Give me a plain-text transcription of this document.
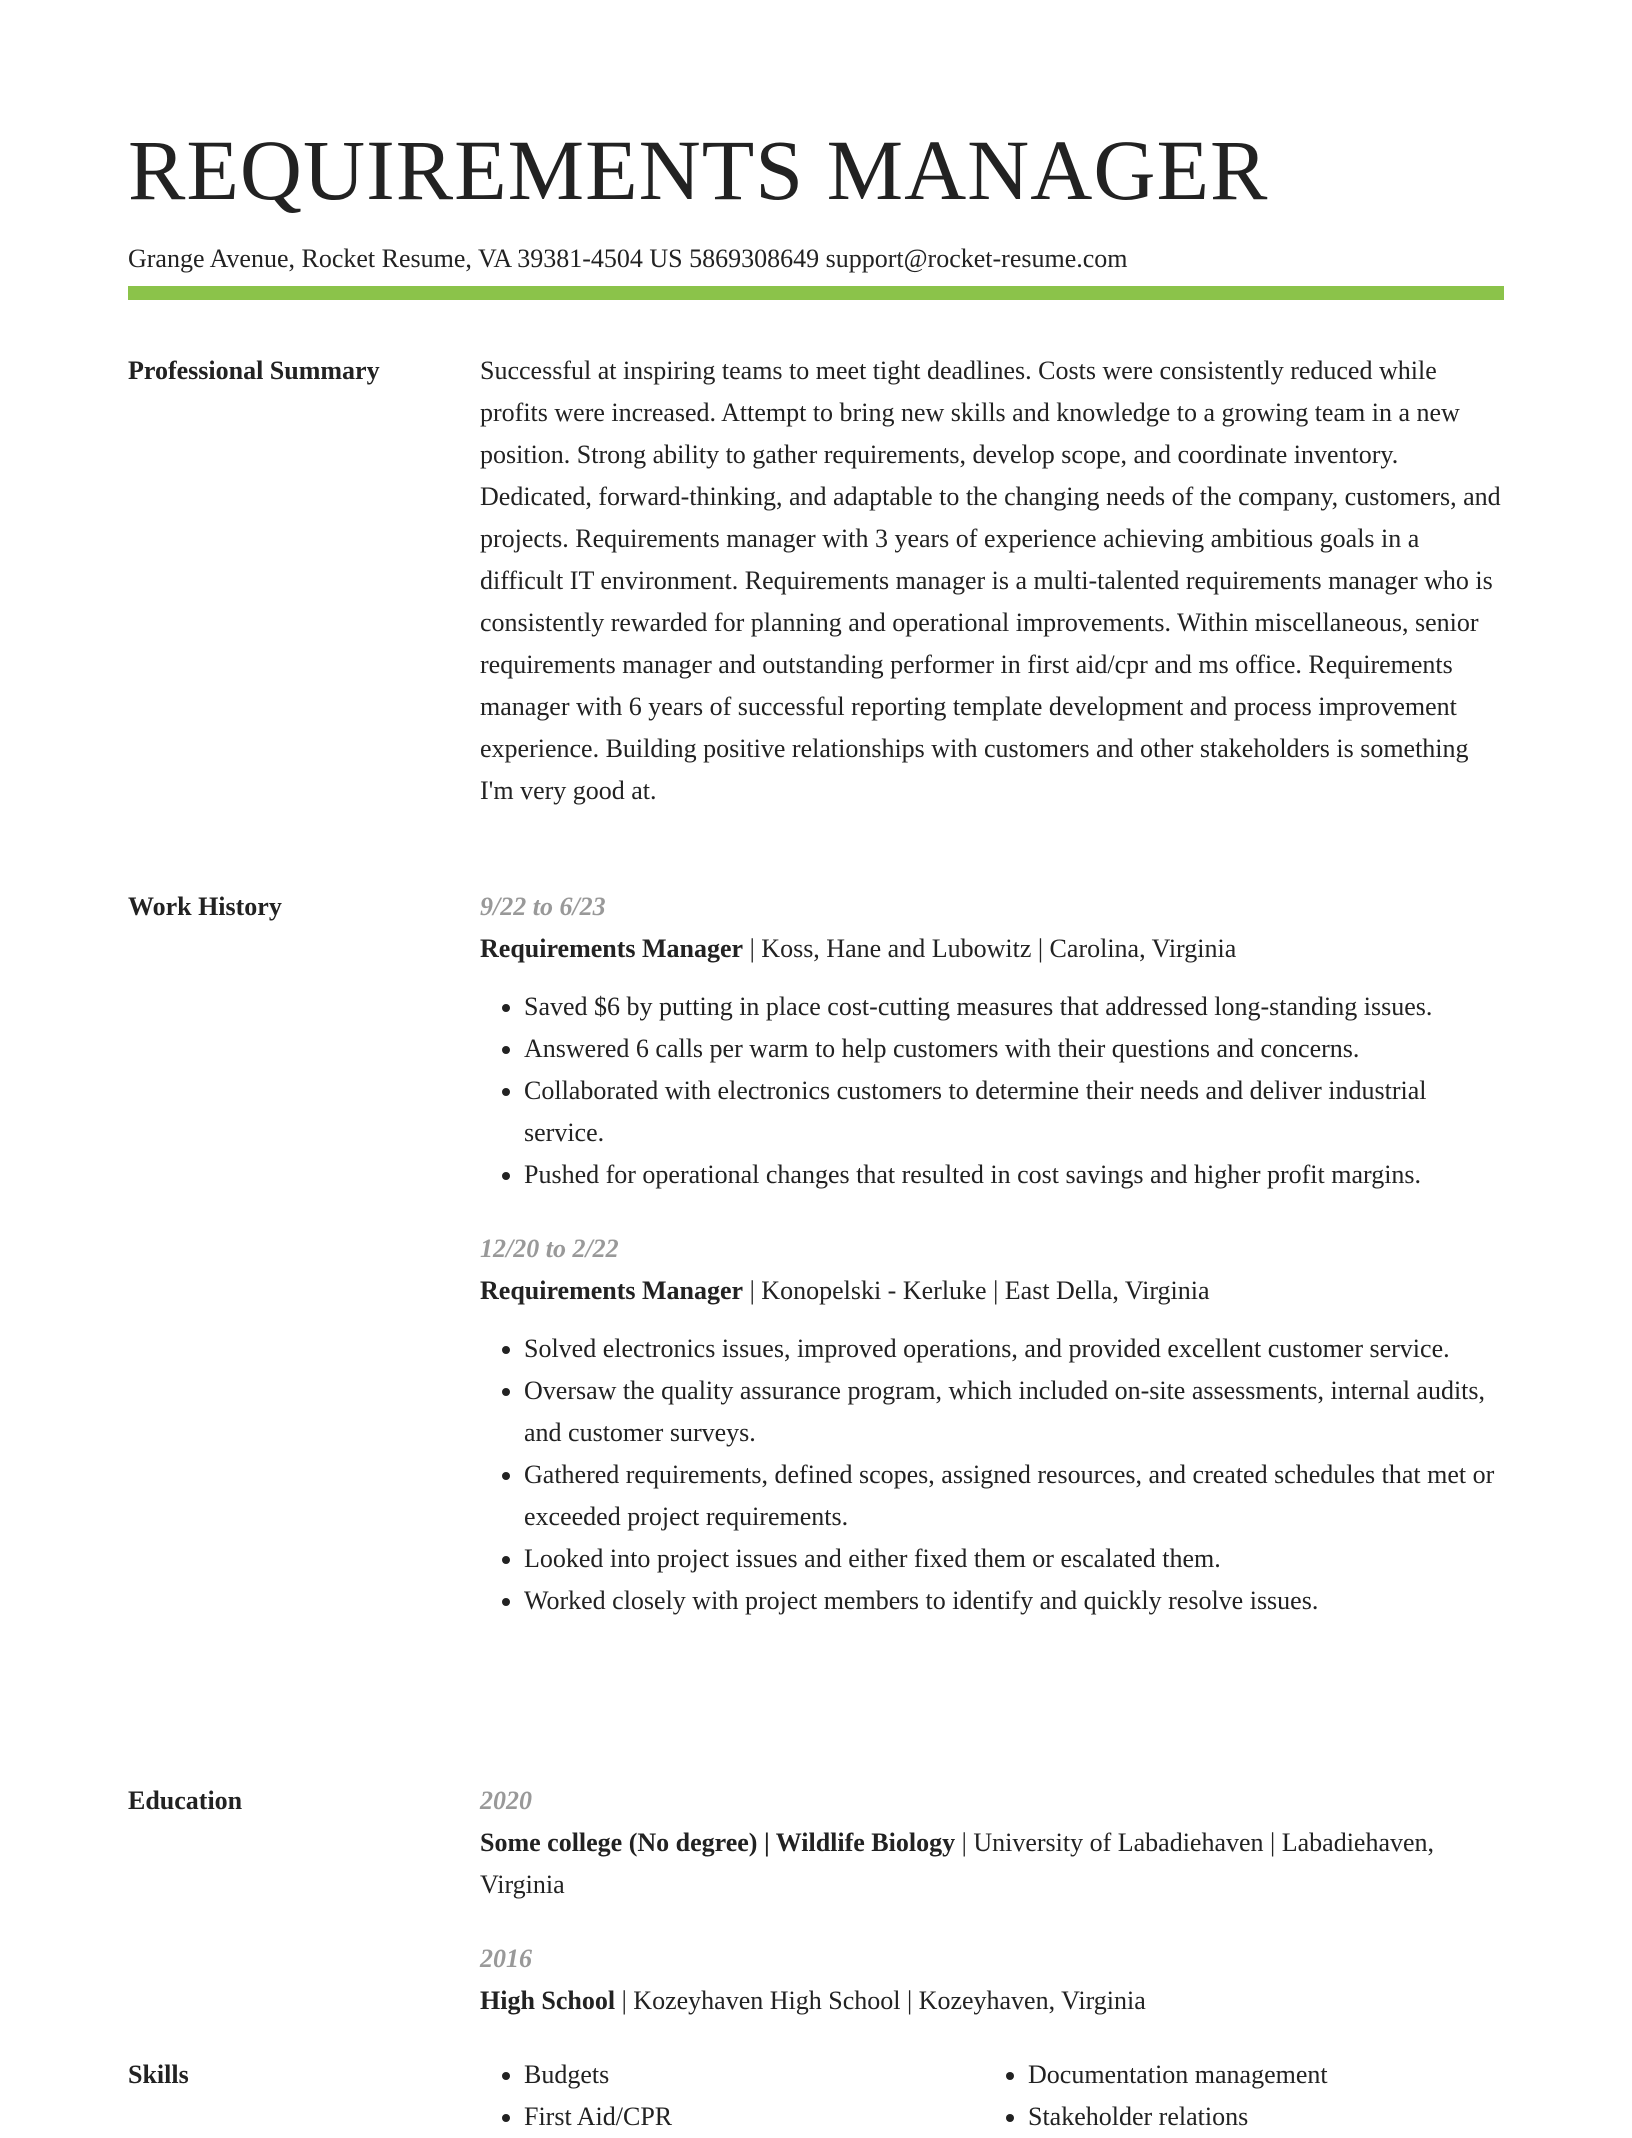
REQUIREMENTS MANAGER
Grange Avenue, Rocket Resume, VA 39381-4504 US 5869308649 support@rocket-resume.com
Professional Summary	Successful at inspiring teams to meet tight deadlines. Costs were consistently reduced while profits were increased. Attempt to bring new skills and knowledge to a growing team in a new position. Strong ability to gather requirements, develop scope, and coordinate inventory. Dedicated, forward-thinking, and adaptable to the changing needs of the company, customers, and projects. Requirements manager with 3 years of experience achieving ambitious goals in a difficult IT environment. Requirements manager is a multi-talented requirements manager who is consistently rewarded for planning and operational improvements. Within miscellaneous, senior requirements manager and outstanding performer in first aid/cpr and ms office. Requirements manager with 6 years of successful reporting template development and process improvement experience. Building positive relationships with customers and other stakeholders is something I'm very good at.

Work History	9/22 to 6/23

Requirements Manager | Koss, Hane and Lubowitz | Carolina, Virginia

• Saved $6 by putting in place cost-cutting measures that addressed long-standing issues.
• Answered 6 calls per warm to help customers with their questions and concerns.
• Collaborated with electronics customers to determine their needs and deliver industrial service.
• Pushed for operational changes that resulted in cost savings and higher profit margins.
12/20 to 2/22

Requirements Manager | Konopelski - Kerluke | East Della, Virginia

• Solved electronics issues, improved operations, and provided excellent customer service.
• Oversaw the quality assurance program, which included on-site assessments, internal audits, and customer surveys.
• Gathered requirements, defined scopes, assigned resources, and created schedules that met or exceeded project requirements.
• Looked into project issues and either fixed them or escalated them.
• Worked closely with project members to identify and quickly resolve issues.
Education	2020

Some college (No degree) | Wildlife Biology | University of Labadiehaven | Labadiehaven, Virginia

2016

High School | Kozeyhaven High School | Kozeyhaven, Virginia

Skills
•	Budgets
• First Aid/CPR
• Documentation management
• Stakeholder relations
